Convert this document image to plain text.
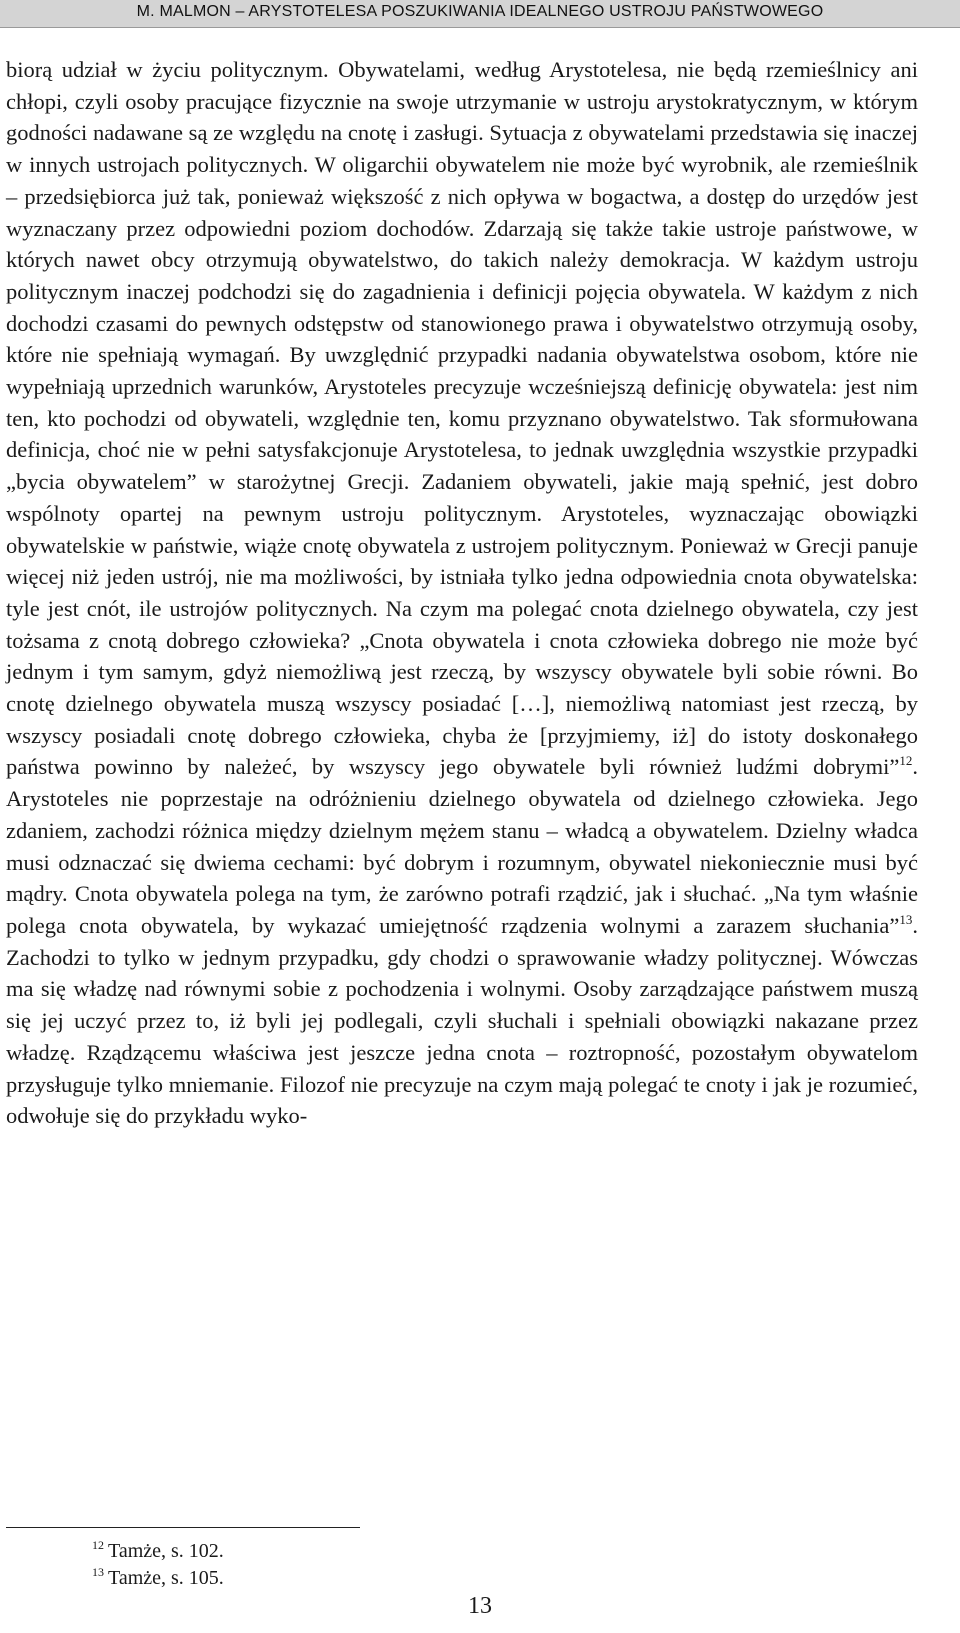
M. MALMON – ARYSTOTELESA POSZUKIWANIA IDEALNEGO USTROJU PAŃSTWOWEGO

biorą udział w życiu politycznym. Obywatelami, według Arystotelesa, nie będą rzemieślnicy ani chłopi, czyli osoby pracujące fizycznie na swoje utrzymanie w ustroju arystokratycznym, w którym godności nadawane są ze względu na cnotę i zasługi. Sytuacja z obywatelami przedstawia się inaczej w innych ustrojach politycznych. W oligarchii obywatelem nie może być wyrobnik, ale rzemieślnik – przedsiębiorca już tak, ponieważ większość z nich opływa w bogactwa, a dostęp do urzędów jest wyznaczany przez odpowiedni poziom dochodów. Zdarzają się także takie ustroje państwowe, w których nawet obcy otrzymują obywatelstwo, do takich należy demokracja. W każdym ustroju politycznym inaczej podchodzi się do zagadnienia i definicji pojęcia obywatela. W każdym z nich dochodzi czasami do pewnych odstępstw od stanowionego prawa i obywatelstwo otrzymują osoby, które nie spełniają wymagań. By uwzględnić przypadki nadania obywatelstwa osobom, które nie wypełniają uprzednich warunków, Arystoteles precyzuje wcześniejszą definicję obywatela: jest nim ten, kto pochodzi od obywateli, względnie ten, komu przyznano obywatelstwo. Tak sformułowana definicja, choć nie w pełni satysfakcjonuje Arystotelesa, to jednak uwzględnia wszystkie przypadki „bycia obywatelem” w starożytnej Grecji. Zadaniem obywateli, jakie mają spełnić, jest dobro wspólnoty opartej na pewnym ustroju politycznym. Arystoteles, wyznaczając obowiązki obywatelskie w państwie, wiąże cnotę obywatela z ustrojem politycznym. Ponieważ w Grecji panuje więcej niż jeden ustrój, nie ma możliwości, by istniała tylko jedna odpowiednia cnota obywatelska: tyle jest cnót, ile ustrojów politycznych. Na czym ma polegać cnota dzielnego obywatela, czy jest tożsama z cnotą dobrego człowieka? „Cnota obywatela i cnota człowieka dobrego nie może być jednym i tym samym, gdyż niemożliwą jest rzeczą, by wszyscy obywatele byli sobie równi. Bo cnotę dzielnego obywatela muszą wszyscy posiadać […], niemożliwą natomiast jest rzeczą, by wszyscy posiadali cnotę dobrego człowieka, chyba że [przyjmiemy, iż] do istoty doskonałego państwa powinno by należeć, by wszyscy jego obywatele byli również ludźmi dobrymi”$^{12}$. Arystoteles nie poprzestaje na odróżnieniu dzielnego obywatela od dzielnego człowieka. Jego zdaniem, zachodzi różnica między dzielnym mężem stanu – władcą a obywatelem. Dzielny władca musi odznaczać się dwiema cechami: być dobrym i rozumnym, obywatel niekoniecznie musi być mądry. Cnota obywatela polega na tym, że zarówno potrafi rządzić, jak i słuchać. „Na tym właśnie polega cnota obywatela, by wykazać umiejętność rządzenia wolnymi a zarazem słuchania”$^{13}$. Zachodzi to tylko w jednym przypadku, gdy chodzi o sprawowanie władzy politycznej. Wówczas ma się władzę nad równymi sobie z pochodzenia i wolnymi. Osoby zarządzające państwem muszą się jej uczyć przez to, iż byli jej podlegali, czyli słuchali i spełniali obowiązki nakazane przez władzę. Rządzącemu właściwa jest jeszcze jedna cnota – roztropność, pozostałym obywatelom przysługuje tylko mniemanie. Filozof nie precyzuje na czym mają polegać te cnoty i jak je rozumieć, odwołuje się do przykładu wyko-

$^{12}$ Tamże, s. 102.
$^{13}$ Tamże, s. 105.
13
